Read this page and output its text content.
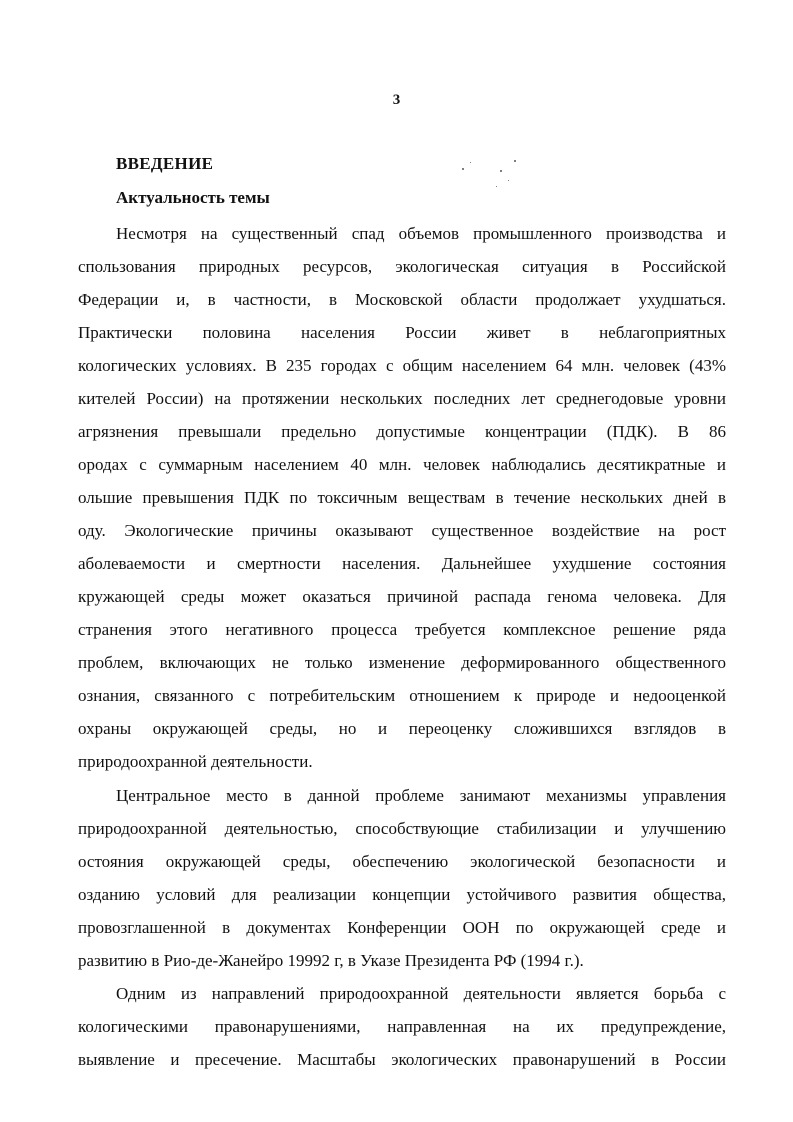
3
ВВЕДЕНИЕ
Актуальность темы
Несмотря на существенный спад объемов промышленного производства и
спользования природных ресурсов, экологическая ситуация в Российской
Федерации и, в частности, в Московской области продолжает ухудшаться.
Практически половина населения России живет в неблагоприятных
кологических условиях. В 235 городах с общим населением 64 млн. человек (43%
кителей России) на протяжении нескольких последних лет среднегодовые уровни
агрязнения превышали предельно допустимые концентрации (ПДК). В 86
ородах с суммарным населением 40 млн. человек наблюдались десятикратные и
ольшие превышения ПДК по токсичным веществам в течение нескольких дней в
оду. Экологические причины оказывают существенное воздействие на рост
аболеваемости и смертности населения. Дальнейшее ухудшение состояния
кружающей среды может оказаться причиной распада генома человека. Для
странения этого негативного процесса требуется комплексное решение ряда
проблем, включающих не только изменение деформированного общественного
ознания, связанного с потребительским отношением к природе и недооценкой
охраны окружающей среды, но и переоценку сложившихся взглядов в
природоохранной деятельности.
Центральное место в данной проблеме занимают механизмы управления
природоохранной деятельностью, способствующие стабилизации и улучшению
остояния окружающей среды, обеспечению экологической безопасности и
озданию условий для реализации концепции устойчивого развития общества,
провозглашенной в документах Конференции ООН по окружающей среде и
развитию в Рио-де-Жанейро 19992 г, в Указе Президента РФ (1994 г.).
Одним из направлений природоохранной деятельности является борьба с
кологическими правонарушениями, направленная на их предупреждение,
выявление и пресечение. Масштабы экологических правонарушений в России
